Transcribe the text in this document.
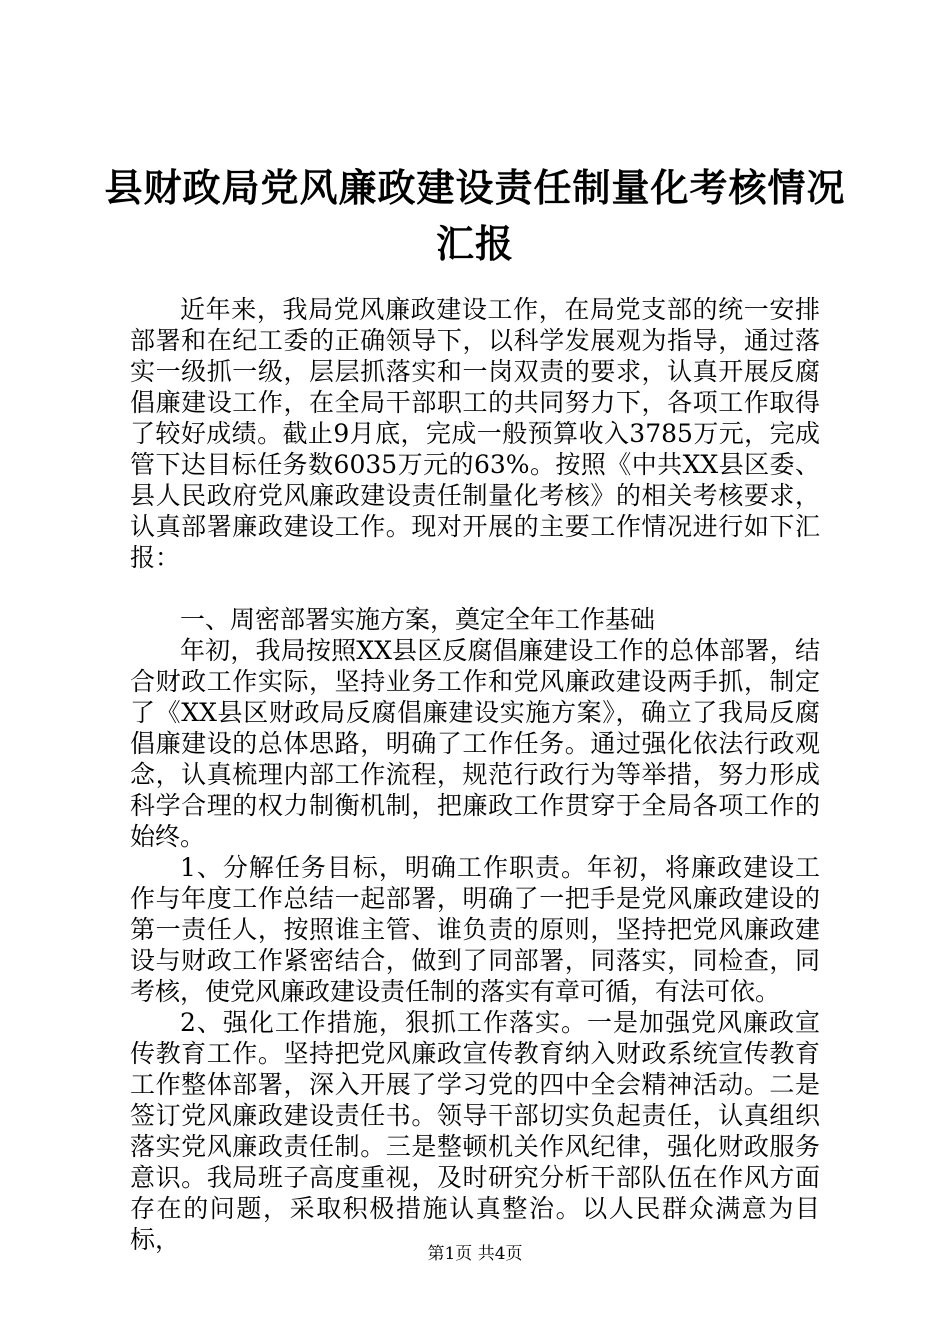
县财政局党风廉政建设责任制量化考核情况汇报

近年来，我局党风廉政建设工作，在局党支部的统一安排部署和在纪工委的正确领导下，以科学发展观为指导，通过落实一级抓一级，层层抓落实和一岗双责的要求，认真开展反腐倡廉建设工作，在全局干部职工的共同努力下，各项工作取得了较好成绩。截止9月底，完成一般预算收入3785万元，完成管下达目标任务数6035万元的63%。按照《中共XX县区委、县人民政府党风廉政建设责任制量化考核》的相关考核要求，认真部署廉政建设工作。现对开展的主要工作情况进行如下汇报：

一、周密部署实施方案，奠定全年工作基础

年初，我局按照XX县区反腐倡廉建设工作的总体部署，结合财政工作实际，坚持业务工作和党风廉政建设两手抓，制定了《XX县区财政局反腐倡廉建设实施方案》，确立了我局反腐倡廉建设的总体思路，明确了工作任务。通过强化依法行政观念，认真梳理内部工作流程，规范行政行为等举措，努力形成科学合理的权力制衡机制，把廉政工作贯穿于全局各项工作的始终。

1、分解任务目标，明确工作职责。年初，将廉政建设工作与年度工作总结一起部署，明确了一把手是党风廉政建设的第一责任人，按照谁主管、谁负责的原则，坚持把党风廉政建设与财政工作紧密结合，做到了同部署，同落实，同检查，同考核，使党风廉政建设责任制的落实有章可循，有法可依。

2、强化工作措施，狠抓工作落实。一是加强党风廉政宣传教育工作。坚持把党风廉政宣传教育纳入财政系统宣传教育工作整体部署，深入开展了学习党的四中全会精神活动。二是签订党风廉政建设责任书。领导干部切实负起责任，认真组织落实党风廉政责任制。三是整顿机关作风纪律，强化财政服务意识。我局班子高度重视，及时研究分析干部队伍在作风方面存在的问题，采取积极措施认真整治。以人民群众满意为目标，	第1页 共4页
